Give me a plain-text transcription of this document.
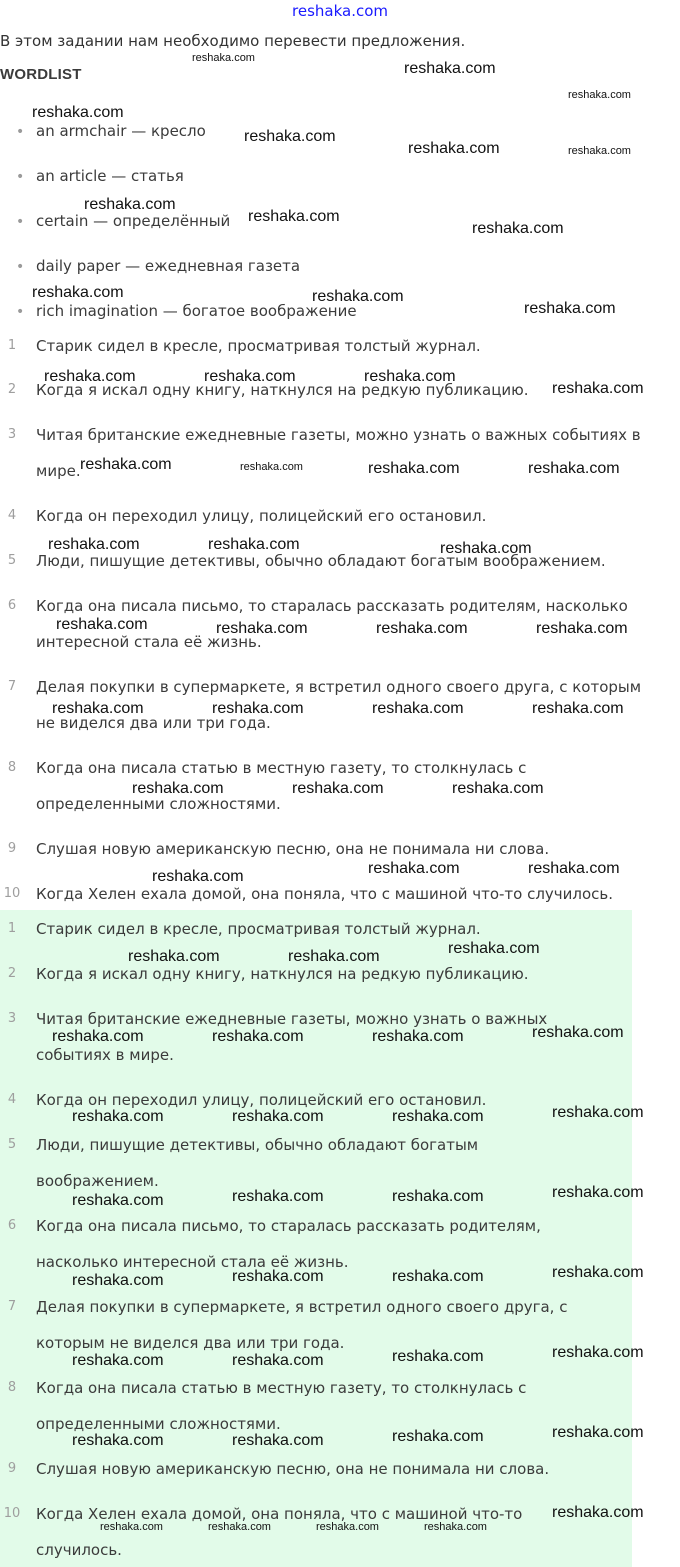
reshaka.com
В этом задании нам необходимо перевести предложения.
WORDLIST
• an armchair — кресло
• an article — статья
• certain — определённый
• daily paper — ежедневная газета
• rich imagination — богатое воображение
1	Старик сидел в кресле, просматривая толстый журнал.
2	Когда я искал одну книгу, наткнулся на редкую публикацию.
3	Читая британские ежедневные газеты, можно узнать о важных событиях в
мире.
4	Когда он переходил улицу, полицейский его остановил.
5	Люди, пишущие детективы, обычно обладают богатым воображением.
6	Когда она писала письмо, то старалась рассказать родителям, насколько
интересной стала её жизнь.
7	Делая покупки в супермаркете, я встретил одного своего друга, с которым
не виделся два или три года.
8	Когда она писала статью в местную газету, то столкнулась с
определенными сложностями.
9	Слушая новую американскую песню, она не понимала ни слова.
10 Когда Хелен ехала домой, она поняла, что с машиной что-то случилось.
1	Старик сидел в кресле, просматривая толстый журнал.
2	Когда я искал одну книгу, наткнулся на редкую публикацию.
3	Читая британские ежедневные газеты, можно узнать о важных
событиях в мире.
4	Когда он переходил улицу, полицейский его остановил.
5	Люди, пишущие детективы, обычно обладают богатым
воображением.
6	Когда она писала письмо, то старалась рассказать родителям,
насколько интересной стала её жизнь.
7	Делая покупки в супермаркете, я встретил одного своего друга, с
которым не виделся два или три года.
8	Когда она писала статью в местную газету, то столкнулась с
определенными сложностями.
9	Слушая новую американскую песню, она не понимала ни слова.
10 Когда Хелен ехала домой, она поняла, что с машиной что-то
случилось.
reshaka.com
reshaka.com
reshaka.com
reshaka.com
reshaka.com
reshaka.com	reshaka.com
reshaka.com
reshaka.com
reshaka.com
reshaka.com	reshaka.com
reshaka.com
reshaka.com	reshaka.com	reshaka.com
reshaka.com
reshaka.com	reshaka.com	reshaka.com	reshaka.com
reshaka.com	reshaka.com	reshaka.com
reshaka.com	reshaka.com	reshaka.com	reshaka.com
reshaka.com	reshaka.com	reshaka.com	reshaka.com
reshaka.com	reshaka.com	reshaka.com
reshaka.com	reshaka.com
reshaka.com
reshaka.com
reshaka.com	reshaka.com
reshaka.com
reshaka.com	reshaka.com	reshaka.com
reshaka.com
reshaka.com	reshaka.com	reshaka.com
reshaka.com
reshaka.com	reshaka.com	reshaka.com
reshaka.com
reshaka.com	reshaka.com	reshaka.com
reshaka.com
reshaka.com	reshaka.com	reshaka.com
reshaka.com
reshaka.com	reshaka.com	reshaka.com
reshaka.com
reshaka.com	reshaka.com	reshaka.com	reshaka.com
